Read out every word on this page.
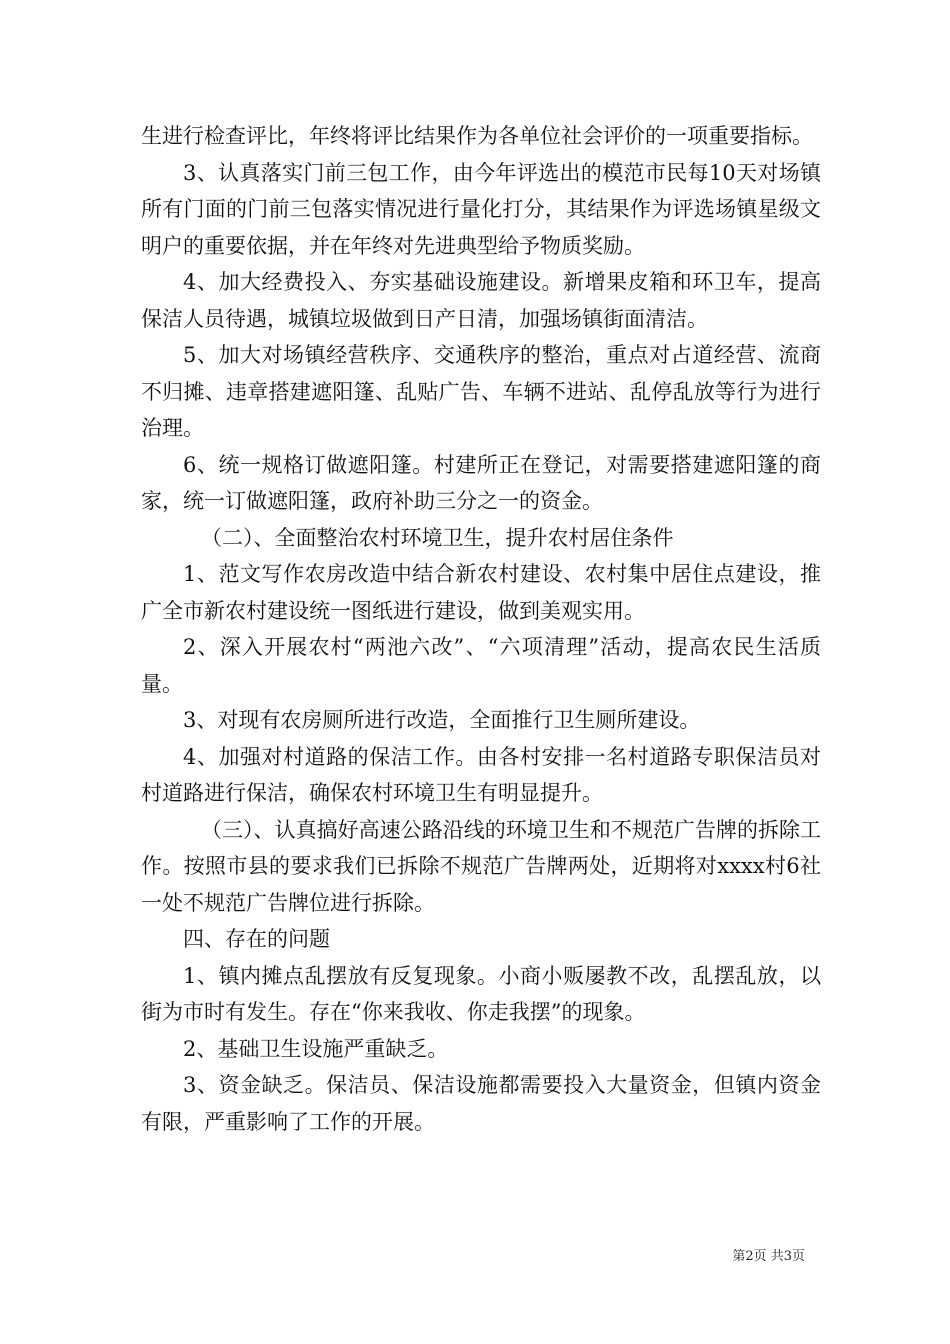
生进行检查评比，年终将评比结果作为各单位社会评价的一项重要指标。

3、认真落实门前三包工作，由今年评选出的模范市民每10天对场镇所有门面的门前三包落实情况进行量化打分，其结果作为评选场镇星级文明户的重要依据，并在年终对先进典型给予物质奖励。

4、加大经费投入、夯实基础设施建设。新增果皮箱和环卫车，提高保洁人员待遇，城镇垃圾做到日产日清，加强场镇街面清洁。

5、加大对场镇经营秩序、交通秩序的整治，重点对占道经营、流商不归摊、违章搭建遮阳篷、乱贴广告、车辆不进站、乱停乱放等行为进行治理。

6、统一规格订做遮阳篷。村建所正在登记，对需要搭建遮阳篷的商家，统一订做遮阳篷，政府补助三分之一的资金。

（二）、全面整治农村环境卫生，提升农村居住条件

1、范文写作农房改造中结合新农村建设、农村集中居住点建设，推广全市新农村建设统一图纸进行建设，做到美观实用。

2、深入开展农村“两池六改”、“六项清理”活动，提高农民生活质量。

3、对现有农房厕所进行改造，全面推行卫生厕所建设。

4、加强对村道路的保洁工作。由各村安排一名村道路专职保洁员对村道路进行保洁，确保农村环境卫生有明显提升。

（三）、认真搞好高速公路沿线的环境卫生和不规范广告牌的拆除工作。按照市县的要求我们已拆除不规范广告牌两处，近期将对xxxx村6社一处不规范广告牌位进行拆除。

四、存在的问题

1、镇内摊点乱摆放有反复现象。小商小贩屡教不改，乱摆乱放，以街为市时有发生。存在“你来我收、你走我摆”的现象。

2、基础卫生设施严重缺乏。

3、资金缺乏。保洁员、保洁设施都需要投入大量资金，但镇内资金有限，严重影响了工作的开展。

第2页 共3页
